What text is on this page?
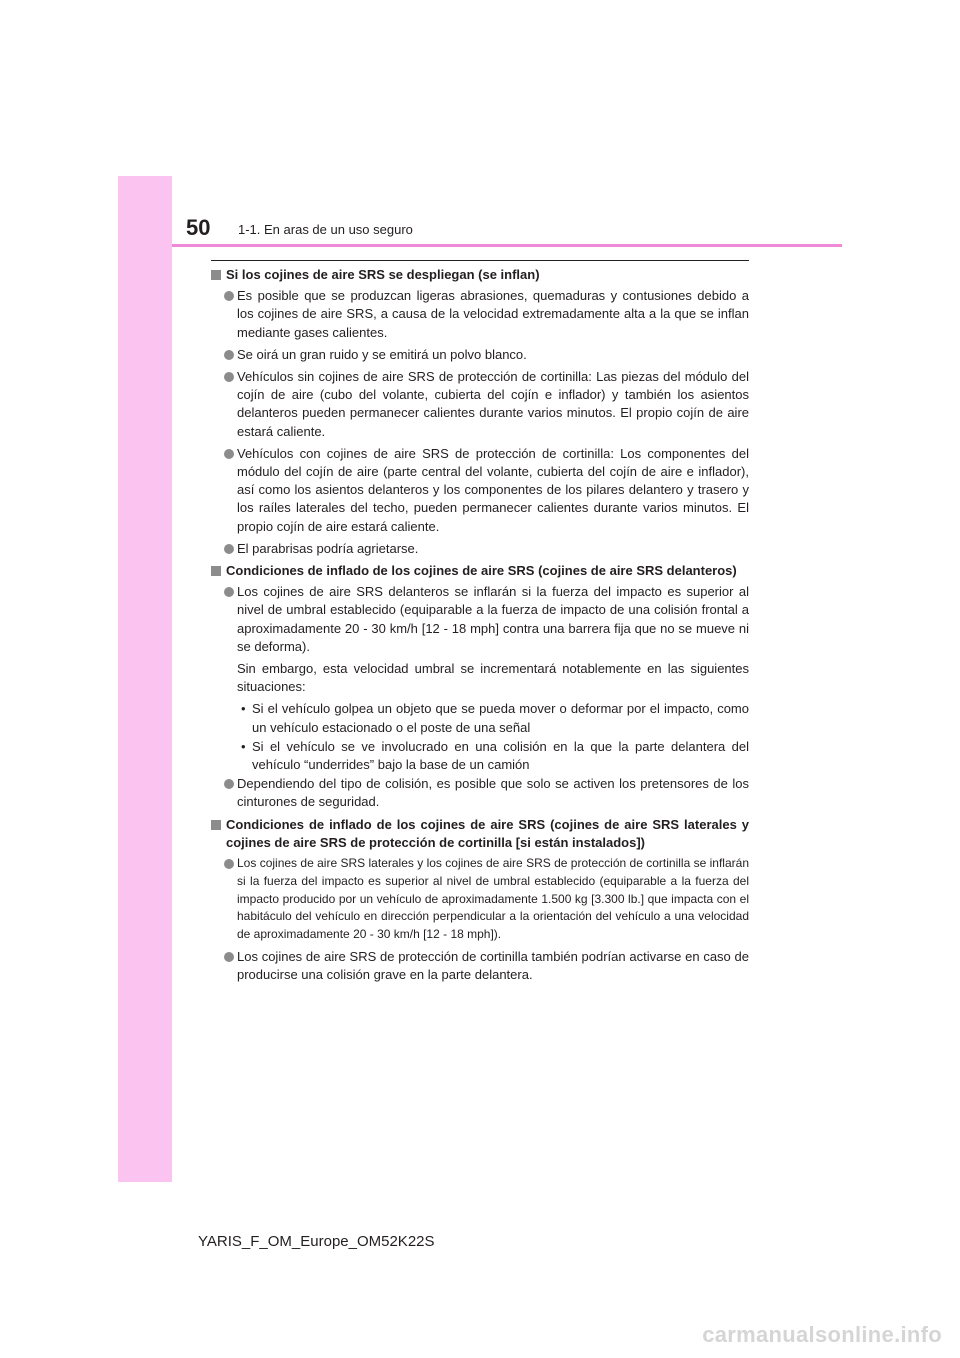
50 1-1. En aras de un uso seguro
Si los cojines de aire SRS se despliegan (se inflan)
Es posible que se produzcan ligeras abrasiones, quemaduras y contusiones debido a los cojines de aire SRS, a causa de la velocidad extremadamente alta a la que se inflan mediante gases calientes.
Se oirá un gran ruido y se emitirá un polvo blanco.
Vehículos sin cojines de aire SRS de protección de cortinilla: Las piezas del módulo del cojín de aire (cubo del volante, cubierta del cojín e inflador) y también los asientos delanteros pueden permanecer calientes durante varios minutos. El propio cojín de aire estará caliente.
Vehículos con cojines de aire SRS de protección de cortinilla: Los componentes del módulo del cojín de aire (parte central del volante, cubierta del cojín de aire e inflador), así como los asientos delanteros y los componentes de los pilares delantero y trasero y los raíles laterales del techo, pueden permanecer calientes durante varios minutos. El propio cojín de aire estará caliente.
El parabrisas podría agrietarse.
Condiciones de inflado de los cojines de aire SRS (cojines de aire SRS delanteros)
Los cojines de aire SRS delanteros se inflarán si la fuerza del impacto es superior al nivel de umbral establecido (equiparable a la fuerza de impacto de una colisión frontal a aproximadamente 20 - 30 km/h [12 - 18 mph] contra una barrera fija que no se mueve ni se deforma).
Sin embargo, esta velocidad umbral se incrementará notablemente en las siguientes situaciones:
• Si el vehículo golpea un objeto que se pueda mover o deformar por el impacto, como un vehículo estacionado o el poste de una señal
• Si el vehículo se ve involucrado en una colisión en la que la parte delantera del vehículo “underrides” bajo la base de un camión
Dependiendo del tipo de colisión, es posible que solo se activen los pretensores de los cinturones de seguridad.
Condiciones de inflado de los cojines de aire SRS (cojines de aire SRS laterales y cojines de aire SRS de protección de cortinilla [si están instalados])
Los cojines de aire SRS laterales y los cojines de aire SRS de protección de cortinilla se inflarán si la fuerza del impacto es superior al nivel de umbral establecido (equiparable a la fuerza del impacto producido por un vehículo de aproximadamente 1.500 kg [3.300 lb.] que impacta con el habitáculo del vehículo en dirección perpendicular a la orientación del vehículo a una velocidad de aproximadamente 20 - 30 km/h [12 - 18 mph]).
Los cojines de aire SRS de protección de cortinilla también podrían activarse en caso de producirse una colisión grave en la parte delantera.
YARIS_F_OM_Europe_OM52K22S
carmanualsonline.info
